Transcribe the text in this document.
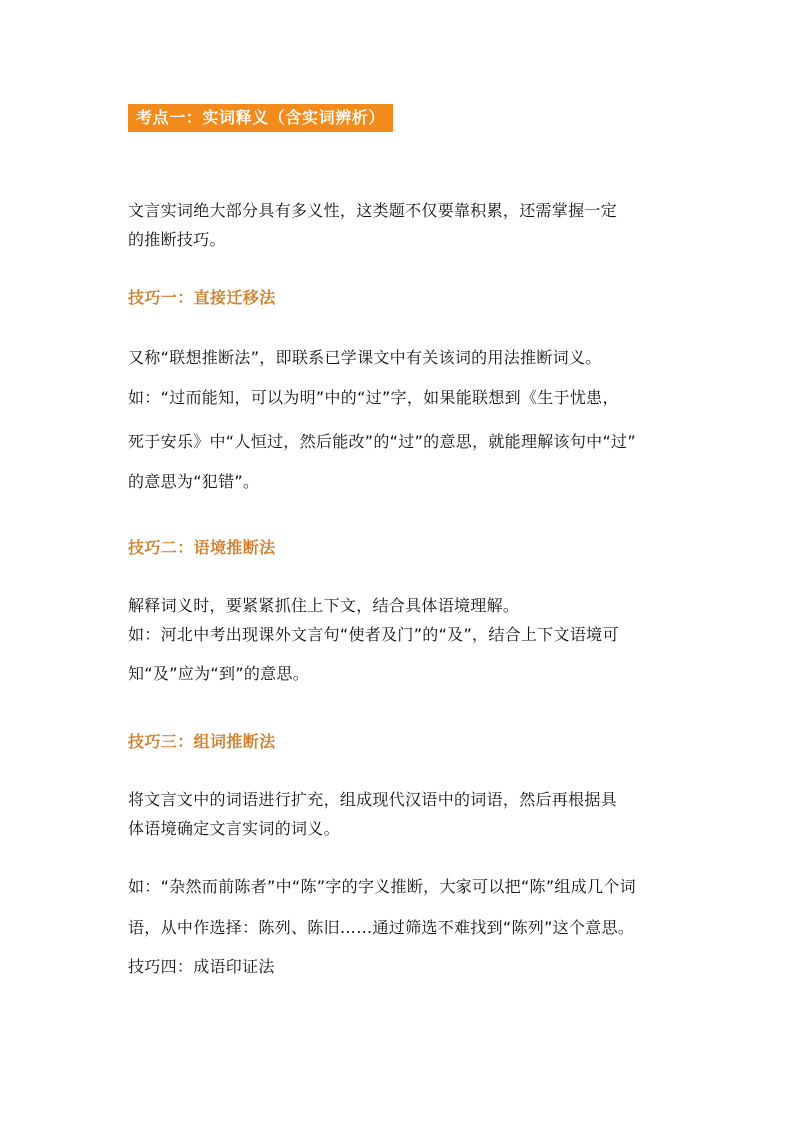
考点一：实词释义（含实词辨析）
文言实词绝大部分具有多义性，这类题不仅要靠积累，还需掌握一定
的推断技巧。
技巧一：直接迁移法
又称“联想推断法”，即联系已学课文中有关该词的用法推断词义。
如：“过而能知，可以为明”中的“过”字，如果能联想到《生于忧患，
死于安乐》中“人恒过，然后能改”的“过”的意思，就能理解该句中“过”
的意思为“犯错”。
技巧二：语境推断法
解释词义时，要紧紧抓住上下文，结合具体语境理解。
如：河北中考出现课外文言句“使者及门”的“及”，结合上下文语境可
知“及”应为“到”的意思。
技巧三：组词推断法
将文言文中的词语进行扩充，组成现代汉语中的词语，然后再根据具
体语境确定文言实词的词义。
如：“杂然而前陈者”中“陈”字的字义推断，大家可以把“陈”组成几个词
语，从中作选择：陈列、陈旧……通过筛选不难找到“陈列”这个意思。
技巧四：成语印证法
